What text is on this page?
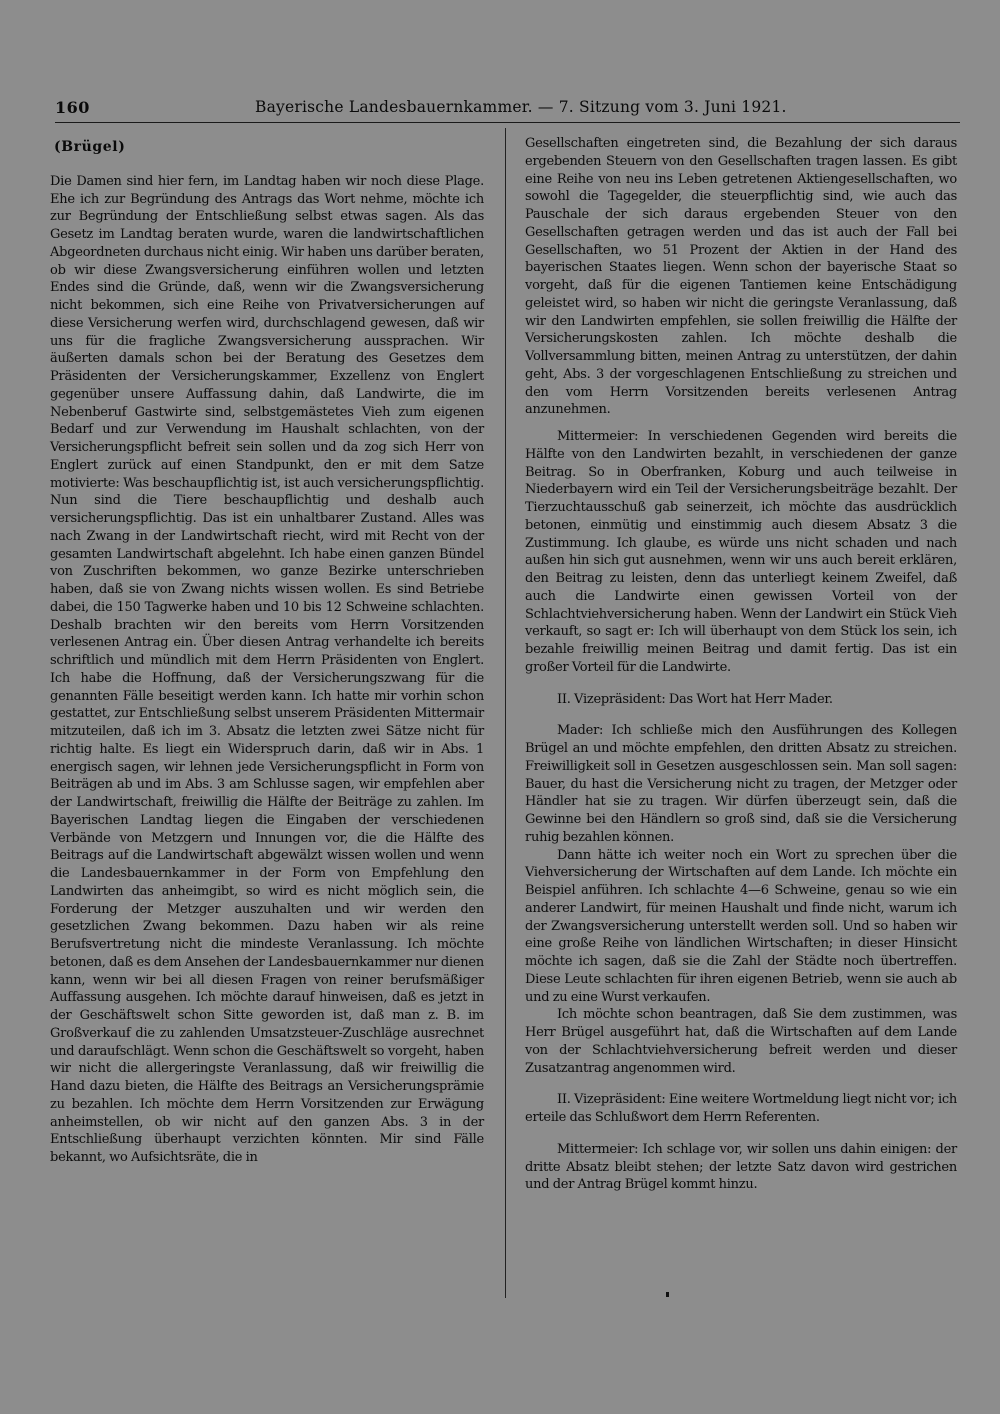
160	Bayerische Landesbauernkammer. — 7. Sitzung vom 3. Juni 1921.
(Brügel)

Die Damen sind hier fern, im Landtag haben wir noch diese Plage. Ehe ich zur Begründung des Antrags das Wort nehme, möchte ich zur Begründung der Entschließung selbst etwas sagen. Als das Gesetz im Landtag beraten wurde, waren die landwirtschaftlichen Abgeordneten durchaus nicht einig. Wir haben uns darüber beraten, ob wir diese Zwangsversicherung einführen wollen und letzten Endes sind die Gründe, daß, wenn wir die Zwangsversicherung nicht bekommen, sich eine Reihe von Privatversicherungen auf diese Versicherung werfen wird, durchschlagend gewesen, daß wir uns für die fragliche Zwangsversicherung aussprachen. Wir äußerten damals schon bei der Beratung des Gesetzes dem Präsidenten der Versicherungskammer, Exzellenz von Englert gegenüber unsere Auffassung dahin, daß Landwirte, die im Nebenberuf Gastwirte sind, selbstgemästetes Vieh zum eigenen Bedarf und zur Verwendung im Haushalt schlachten, von der Versicherungspflicht befreit sein sollen und da zog sich Herr von Englert zurück auf einen Standpunkt, den er mit dem Satze motivierte: Was beschaupflichtig ist, ist auch versicherungspflichtig. Nun sind die Tiere beschaupflichtig und deshalb auch versicherungspflichtig. Das ist ein unhaltbarer Zustand. Alles was nach Zwang in der Landwirtschaft riecht, wird mit Recht von der gesamten Landwirtschaft abgelehnt. Ich habe einen ganzen Bündel von Zuschriften bekommen, wo ganze Bezirke unterschrieben haben, daß sie von Zwang nichts wissen wollen. Es sind Betriebe dabei, die 150 Tagwerke haben und 10 bis 12 Schweine schlachten. Deshalb brachten wir den bereits vom Herrn Vorsitzenden verlesenen Antrag ein. Über diesen Antrag verhandelte ich bereits schriftlich und mündlich mit dem Herrn Präsidenten von Englert. Ich habe die Hoffnung, daß der Versicherungszwang für die genannten Fälle beseitigt werden kann. Ich hatte mir vorhin schon gestattet, zur Entschließung selbst unserem Präsidenten Mittermair mitzuteilen, daß ich im 3. Absatz die letzten zwei Sätze nicht für richtig halte. Es liegt ein Widerspruch darin, daß wir in Abs. 1 energisch sagen, wir lehnen jede Versicherungspflicht in Form von Beiträgen ab und im Abs. 3 am Schlusse sagen, wir empfehlen aber der Landwirtschaft, freiwillig die Hälfte der Beiträge zu zahlen. Im Bayerischen Landtag liegen die Eingaben der verschiedenen Verbände von Metzgern und Innungen vor, die die Hälfte des Beitrags auf die Landwirtschaft abgewälzt wissen wollen und wenn die Landesbauernkammer in der Form von Empfehlung den Landwirten das anheimgibt, so wird es nicht möglich sein, die Forderung der Metzger auszuhalten und wir werden den gesetzlichen Zwang bekommen. Dazu haben wir als reine Berufsvertretung nicht die mindeste Veranlassung. Ich möchte betonen, daß es dem Ansehen der Landesbauernkammer nur dienen kann, wenn wir bei all diesen Fragen von reiner berufsmäßiger Auffassung ausgehen. Ich möchte darauf hinweisen, daß es jetzt in der Geschäftswelt schon Sitte geworden ist, daß man z. B. im Großverkauf die zu zahlenden Umsatzsteuer-Zuschläge ausrechnet und daraufschlägt. Wenn schon die Geschäftswelt so vorgeht, haben wir nicht die allergeringste Veranlassung, daß wir freiwillig die Hand dazu bieten, die Hälfte des Beitrags an Versicherungsprämie zu bezahlen. Ich möchte dem Herrn Vorsitzenden zur Erwägung anheimstellen, ob wir nicht auf den ganzen Abs. 3 in der Entschließung überhaupt verzichten könnten. Mir sind Fälle bekannt, wo Aufsichtsräte, die in

Gesellschaften eingetreten sind, die Bezahlung der sich daraus ergebenden Steuern von den Gesellschaften tragen lassen. Es gibt eine Reihe von neu ins Leben getretenen Aktiengesellschaften, wo sowohl die Tagegelder, die steuerpflichtig sind, wie auch das Pauschale der sich daraus ergebenden Steuer von den Gesellschaften getragen werden und das ist auch der Fall bei Gesellschaften, wo 51 Prozent der Aktien in der Hand des bayerischen Staates liegen. Wenn schon der bayerische Staat so vorgeht, daß für die eigenen Tantiemen keine Entschädigung geleistet wird, so haben wir nicht die geringste Veranlassung, daß wir den Landwirten empfehlen, sie sollen freiwillig die Hälfte der Versicherungskosten zahlen. Ich möchte deshalb die Vollversammlung bitten, meinen Antrag zu unterstützen, der dahin geht, Abs. 3 der vorgeschlagenen Entschließung zu streichen und den vom Herrn Vorsitzenden bereits verlesenen Antrag anzunehmen.

Mittermeier: In verschiedenen Gegenden wird bereits die Hälfte von den Landwirten bezahlt, in verschiedenen der ganze Beitrag. So in Oberfranken, Koburg und auch teilweise in Niederbayern wird ein Teil der Versicherungsbeiträge bezahlt. Der Tierzuchtausschuß gab seinerzeit, ich möchte das ausdrücklich betonen, einmütig und einstimmig auch diesem Absatz 3 die Zustimmung. Ich glaube, es würde uns nicht schaden und nach außen hin sich gut ausnehmen, wenn wir uns auch bereit erklären, den Beitrag zu leisten, denn das unterliegt keinem Zweifel, daß auch die Landwirte einen gewissen Vorteil von der Schlachtviehversicherung haben. Wenn der Landwirt ein Stück Vieh verkauft, so sagt er: Ich will überhaupt von dem Stück los sein, ich bezahle freiwillig meinen Beitrag und damit fertig. Das ist ein großer Vorteil für die Landwirte.

II. Vizepräsident: Das Wort hat Herr Mader.

Mader: Ich schließe mich den Ausführungen des Kollegen Brügel an und möchte empfehlen, den dritten Absatz zu streichen. Freiwilligkeit soll in Gesetzen ausgeschlossen sein. Man soll sagen: Bauer, du hast die Versicherung nicht zu tragen, der Metzger oder Händler hat sie zu tragen. Wir dürfen überzeugt sein, daß die Gewinne bei den Händlern so groß sind, daß sie die Versicherung ruhig bezahlen können.

Dann hätte ich weiter noch ein Wort zu sprechen über die Viehversicherung der Wirtschaften auf dem Lande. Ich möchte ein Beispiel anführen. Ich schlachte 4—6 Schweine, genau so wie ein anderer Landwirt, für meinen Haushalt und finde nicht, warum ich der Zwangsversicherung unterstellt werden soll. Und so haben wir eine große Reihe von ländlichen Wirtschaften; in dieser Hinsicht möchte ich sagen, daß sie die Zahl der Städte noch übertreffen. Diese Leute schlachten für ihren eigenen Betrieb, wenn sie auch ab und zu eine Wurst verkaufen.

Ich möchte schon beantragen, daß Sie dem zustimmen, was Herr Brügel ausgeführt hat, daß die Wirtschaften auf dem Lande von der Schlachtviehversicherung befreit werden und dieser Zusatzantrag angenommen wird.

II. Vizepräsident: Eine weitere Wortmeldung liegt nicht vor; ich erteile das Schlußwort dem Herrn Referenten.

Mittermeier: Ich schlage vor, wir sollen uns dahin einigen: der dritte Absatz bleibt stehen; der letzte Satz davon wird gestrichen und der Antrag Brügel kommt hinzu.
